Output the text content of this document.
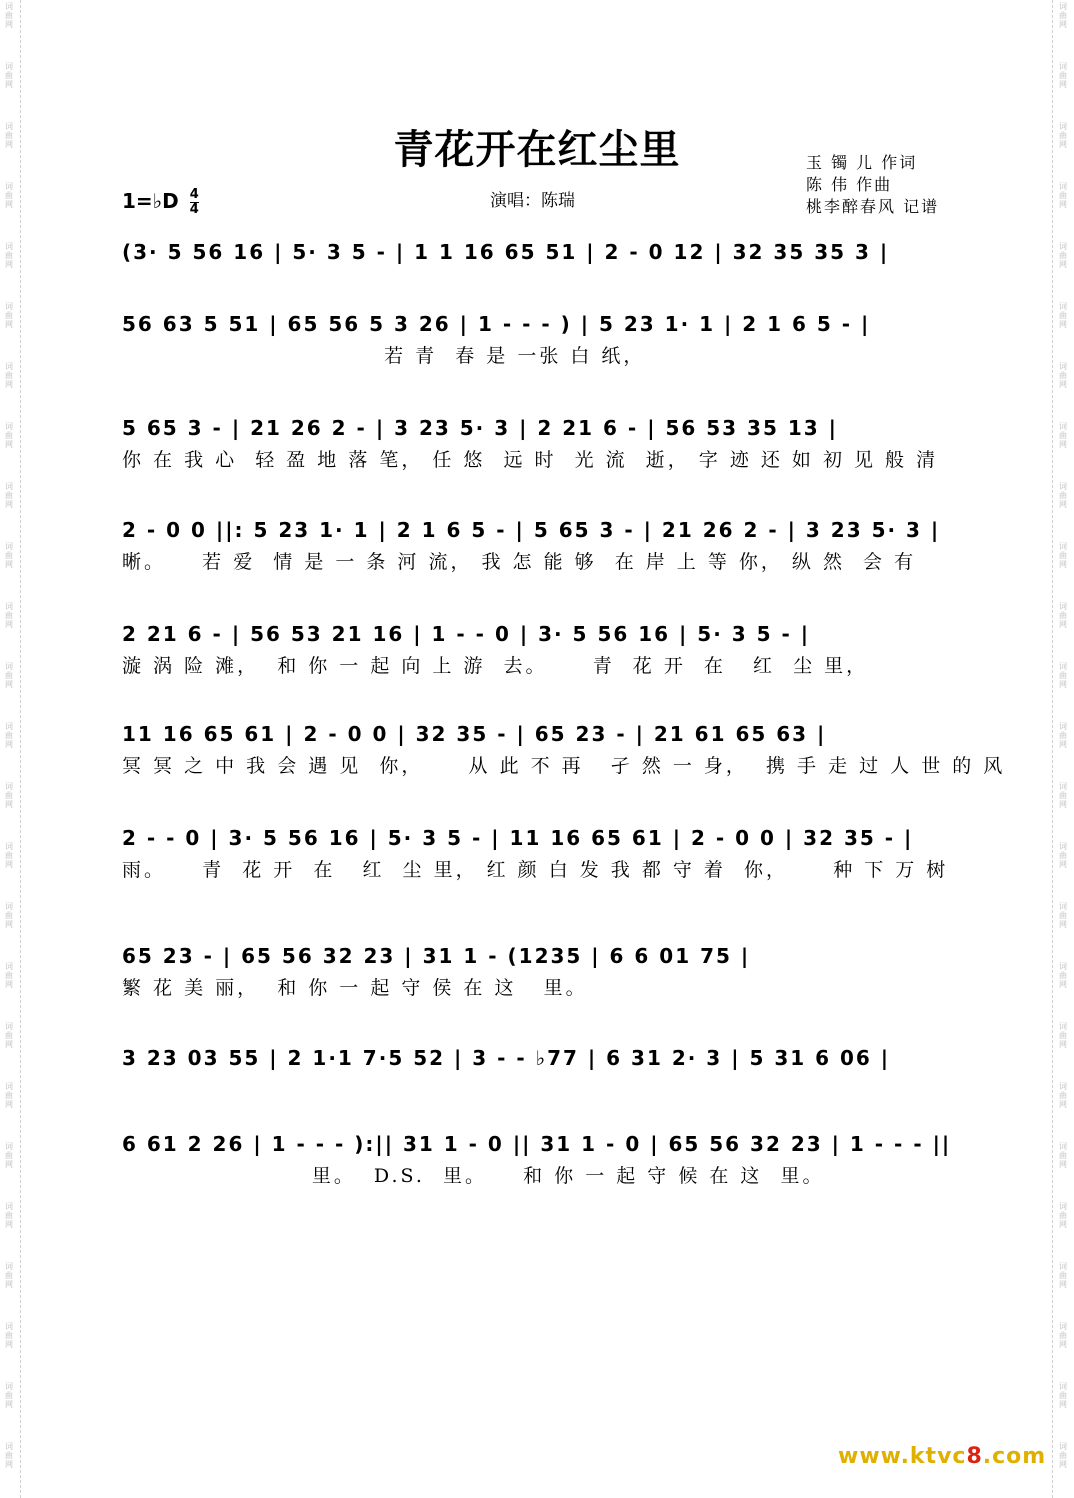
词
曲
网
词
曲
网
词
曲
网
词
曲
网
词
曲
网
词
曲
网
词
曲
网
词
曲
网
词
曲
网
词
曲
网
词
曲
网
词
曲
网
词
曲
网
词
曲
网
词
曲
网
词
曲
网
词
曲
网
词
曲
网
词
曲
网
词
曲
网
词
曲
网
词
曲
网
词
曲
网
词
曲
网
词
曲
网
词
曲
网
词
曲
网
词
曲
网
词
曲
网
词
曲
网
词
曲
网
词
曲
网
词
曲
网
词
曲
网
词
曲
网
词
曲
网
词
曲
网
词
曲
网
词
曲
网
词
曲
网
词
曲
网
词
曲
网
词
曲
网
词
曲
网
词
曲
网
词
曲
网
词
曲
网
词
曲
网
词
曲
网
词
曲
网
青花开在红尘里
演唱：陈瑞
玉 镯 儿 作词
陈 伟 作曲
桃李醉春风 记谱
1=♭D $\frac{4}{4}$
(3· 5 56 16 | 5· 3 5 - | 1 1 16 65 51 | 2 - 0 12 | 32 35 35 3 |
56 63 5 51 | 65 56 5 3 26 | 1 - - - ) | 5 23 1· 1 | 2 1 6 5 - |
若 青  春 是 一张 白 纸，
5 65 3 - | 21 26 2 - | 3 23 5· 3 | 2 21 6 - | 56 53 35 13 |
你 在 我 心  轻 盈 地 落 笔， 任 悠  远 时  光 流  逝， 字 迹 还 如 初 见 般 清
2 - 0 0 ||: 5 23 1· 1 | 2 1 6 5 - | 5 65 3 - | 21 26 2 - | 3 23 5· 3 |
晰。    若 爱  情 是 一 条 河 流， 我 怎 能 够  在 岸 上 等 你， 纵 然  会 有
2 21 6 - | 56 53 21 16 | 1 - - 0 | 3· 5 56 16 | 5· 3 5 - |
漩 涡 险 滩，  和 你 一 起 向 上 游  去。     青  花 开  在   红  尘 里，
11 16 65 61 | 2 - 0 0 | 32 35 - | 65 23 - | 21 61 65 63 |
冥 冥 之 中 我 会 遇 见  你，     从 此 不 再   孑 然 一 身，  携 手 走 过 人 世 的 风
2 - - 0 | 3· 5 56 16 | 5· 3 5 - | 11 16 65 61 | 2 - 0 0 | 32 35 - |
雨。    青  花 开  在   红  尘 里， 红 颜 白 发 我 都 守 着  你，     种 下 万 树
65 23 - | 65 56 32 23 | 31 1 - (1235 | 6 6 01 75 |
繁 花 美 丽，  和 你 一 起 守 侯 在 这   里。
3 23 03 55 | 2 1·1 7·5 52 | 3 - - ♭77 | 6 31 2· 3 | 5 31 6 06 |
6 61 2 26 | 1 - - - ):|| 31 1 - 0 || 31 1 - 0 | 65 56 32 23 | 1 - - - ||
里。  D.S.  里。    和 你 一 起 守 候 在 这  里。
www.ktvc8.com
